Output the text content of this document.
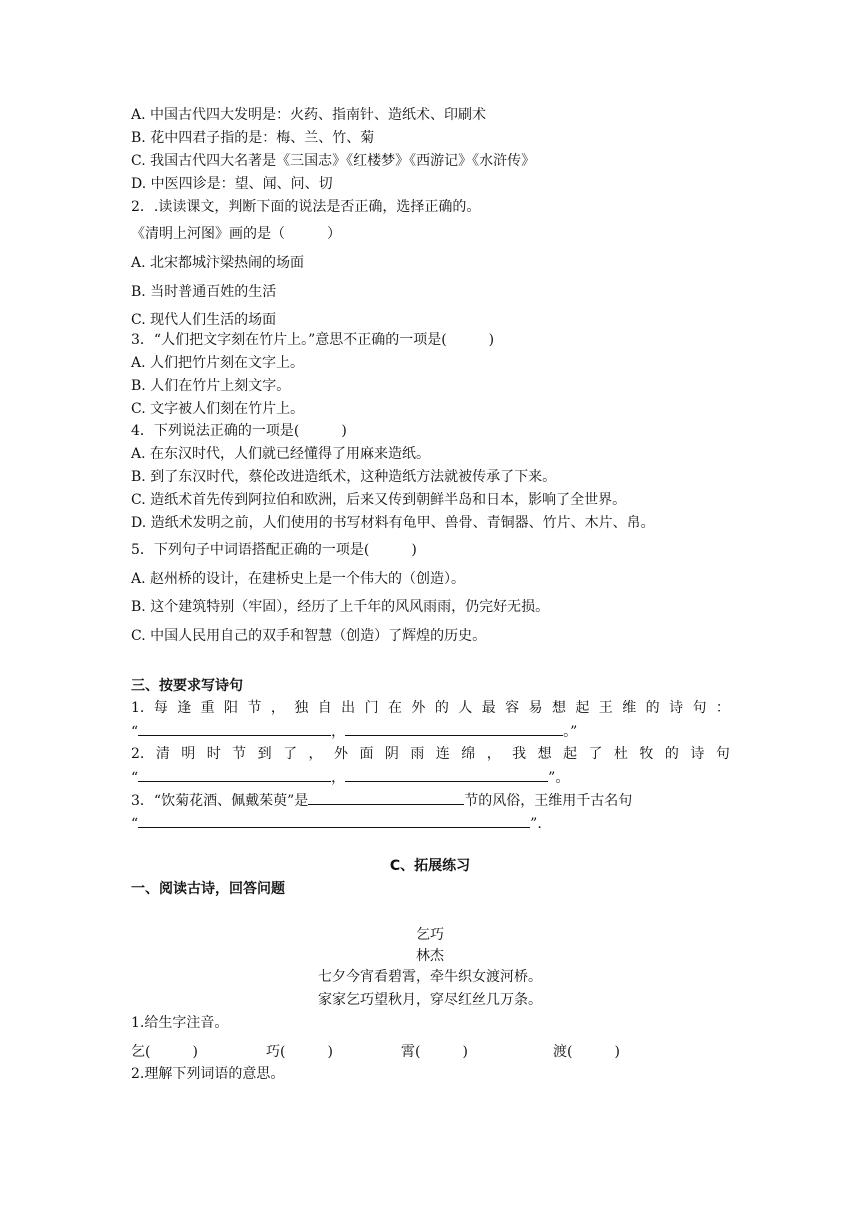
A. 中国古代四大发明是：火药、指南针、造纸术、印刷术
B. 花中四君子指的是：梅、兰、竹、菊
C. 我国古代四大名著是《三国志》《红楼梦》《西游记》《水浒传》
D. 中医四诊是：望、闻、问、切
2．.读读课文，判断下面的说法是否正确，选择正确的。
《清明上河图》画的是（　　　）
A. 北宋都城汴梁热闹的场面
B. 当时普通百姓的生活
C. 现代人们生活的场面
3．“人们把文字刻在竹片上。”意思不正确的一项是(　　　)
A. 人们把竹片刻在文字上。
B. 人们在竹片上刻文字。
C. 文字被人们刻在竹片上。
4．下列说法正确的一项是(　　　)
A. 在东汉时代，人们就已经懂得了用麻来造纸。
B. 到了东汉时代，蔡伦改进造纸术，这种造纸方法就被传承了下来。
C. 造纸术首先传到阿拉伯和欧洲，后来又传到朝鲜半岛和日本，影响了全世界。
D. 造纸术发明之前，人们使用的书写材料有龟甲、兽骨、青铜器、竹片、木片、帛。
5．下列句子中词语搭配正确的一项是(　　　)
A. 赵州桥的设计，在建桥史上是一个伟大的（创造）。
B. 这个建筑特别（牢固），经历了上千年的风风雨雨，仍完好无损。
C. 中国人民用自己的双手和智慧（创造）了辉煌的历史。
三、按要求写诗句
1. 每 逢 重 阳 节 ， 独 自 出 门 在 外 的 人 最 容 易 想 起 王 维 的 诗 句 ：
“	，	。”
2. 清 明 时 节 到 了 ， 外 面 阴 雨 连 绵 ， 我 想 起 了 杜 牧 的 诗 句
“	，	”。
3．“饮菊花酒、佩戴茱萸”是	节的风俗，王维用千古名句
“	”.
C、拓展练习
一、阅读古诗，回答问题
乞巧
林杰
七夕今宵看碧霄，牵牛织女渡河桥。
家家乞巧望秋月，穿尽红丝几万条。
1.给生字注音。
乞(　　　)	巧(　　　)	霄(　　　)	渡(　　　)
2.理解下列词语的意思。
